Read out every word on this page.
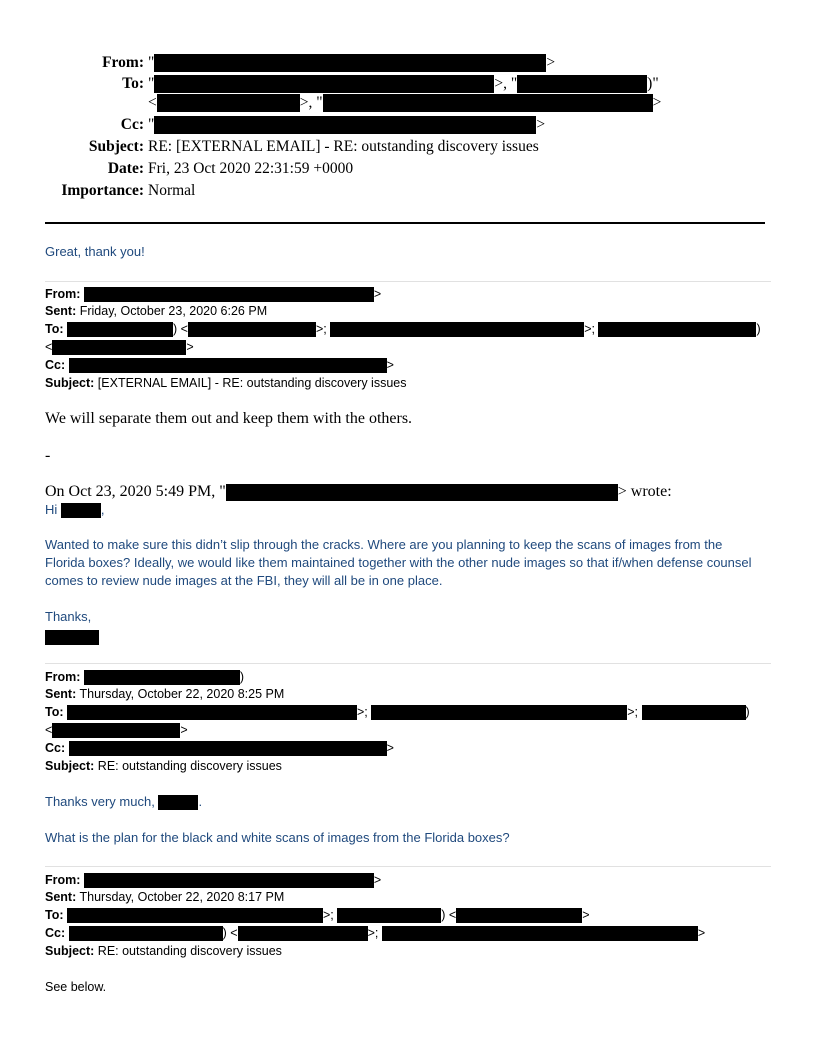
From: "	>
To: "	>, "	)"
<	>, "	>
Cc: "	>
Subject: RE: [EXTERNAL EMAIL] - RE: outstanding discovery issues
Date: Fri, 23 Oct 2020 22:31:59 +0000
Importance: Normal
Great, thank you!
From:	>
Sent: Friday, October 23, 2020 6:26 PM
To:	) <	>;	>;	)
<	>
Cc:	>
Subject: [EXTERNAL EMAIL] - RE: outstanding discovery issues
We will separate them out and keep them with the others.
-
On Oct 23, 2020 5:49 PM, "	> wrote:
Hi	,
Wanted to make sure this didn’t slip through the cracks. Where are you planning to keep the scans of images from the Florida boxes? Ideally, we would like them maintained together with the other nude images so that if/when defense counsel comes to review nude images at the FBI, they will all be in one place.
Thanks,
From:	)
Sent: Thursday, October 22, 2020 8:25 PM
To:	>;	>;	)
<	>
Cc:	>
Subject: RE: outstanding discovery issues
Thanks very much,	.
What is the plan for the black and white scans of images from the Florida boxes?
From:	>
Sent: Thursday, October 22, 2020 8:17 PM
To:	>;	) <	>
Cc:	) <	>;	>
Subject: RE: outstanding discovery issues
See below.
